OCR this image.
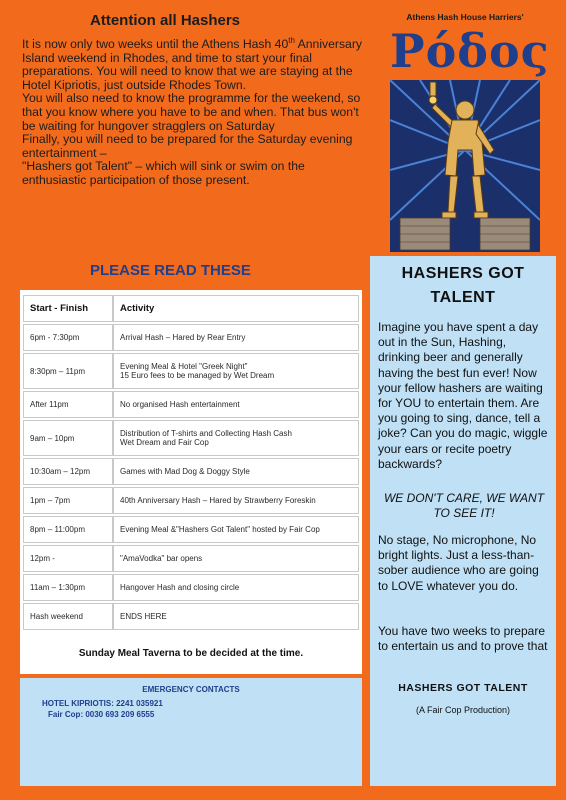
Attention all Hashers

It is now only two weeks until the Athens Hash 40th Anniversary Island weekend in Rhodes, and time to start your final preparations. You will need to know that we are staying at the Hotel Kipriotis, just outside Rhodes Town.

You will also need to know the programme for the weekend, so that you know where you have to be and when. That bus won't be waiting for hungover stragglers on Saturday

Finally, you will need to be prepared for the Saturday evening entertainment –

"Hashers got Talent" – which will sink or swim on the enthusiastic participation of those present.

Athens Hash House Harriers'
Ρόδος
PLEASE READ THESE
Start - Finish	Activity
6pm - 7:30pm	Arrival Hash – Hared by Rear Entry
8:30pm – 11pm	Evening Meal & Hotel "Greek Night"
15 Euro fees to be managed by Wet Dream

After 11pm	No organised Hash entertainment
9am – 10pm	Distribution of T-shirts and Collecting Hash Cash
Wet Dream and Fair Cop

10:30am – 12pm	Games with Mad Dog & Doggy Style
1pm – 7pm	40th Anniversary Hash – Hared by Strawberry Foreskin
8pm – 11:00pm	Evening Meal &"Hashers Got Talent" hosted by Fair Cop
12pm -	"AmaVodka" bar opens
11am – 1:30pm	Hangover Hash and closing circle
Hash weekend	ENDS HERE
Sunday Meal Taverna to be decided at the time.
EMERGENCY CONTACTS
HOTEL KIPRIOTIS: 2241 035921
Fair Cop: 0030 693 209 6555
HASHERS GOT TALENT
Imagine you have spent a day out in the Sun, Hashing, drinking beer and generally having the best fun ever! Now your fellow hashers are waiting for YOU to entertain them. Are you going to sing, dance, tell a joke? Can you do magic, wiggle your ears or recite poetry backwards?
WE DON'T CARE, WE WANT TO SEE IT!
No stage, No microphone, No bright lights. Just a less-than-sober audience who are going to LOVE whatever you do.
You have two weeks to prepare to entertain us and to prove that
HASHERS GOT TALENT
(A Fair Cop Production)
